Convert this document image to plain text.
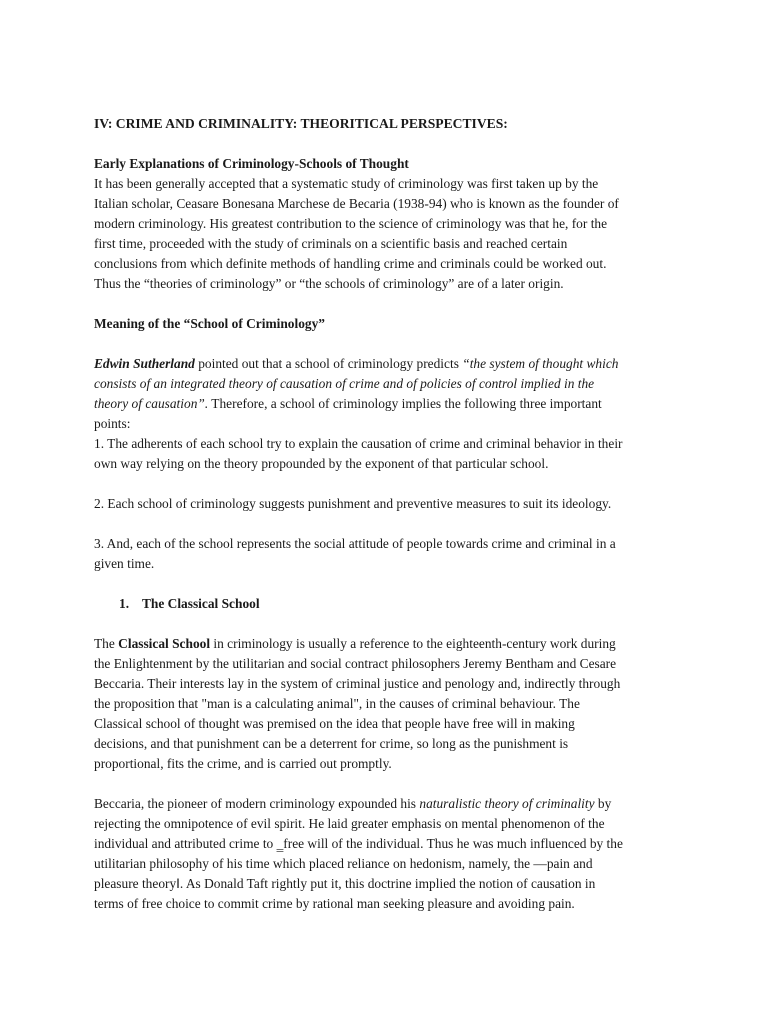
IV: CRIME AND CRIMINALITY: THEORITICAL PERSPECTIVES:
Early Explanations of Criminology-Schools of Thought
It has been generally accepted that a systematic study of criminology was first taken up by the
Italian scholar, Ceasare Bonesana Marchese de Becaria (1938-94) who is known as the founder of
modern criminology. His greatest contribution to the science of criminology was that he, for the
first time, proceeded with the study of criminals on a scientific basis and reached certain
conclusions from which definite methods of handling crime and criminals could be worked out.
Thus the “theories of criminology” or “the schools of criminology” are of a later origin.
Meaning of the “School of Criminology”
Edwin Sutherland pointed out that a school of criminology predicts “the system of thought which
consists of an integrated theory of causation of crime and of policies of control implied in the
theory of causation”. Therefore, a school of criminology implies the following three important
points:
1. The adherents of each school try to explain the causation of crime and criminal behavior in their
own way relying on the theory propounded by the exponent of that particular school.
2. Each school of criminology suggests punishment and preventive measures to suit its ideology.
3. And, each of the school represents the social attitude of people towards crime and criminal in a
given time.
1. The Classical School
The Classical School in criminology is usually a reference to the eighteenth-century work during
the Enlightenment by the utilitarian and social contract philosophers Jeremy Bentham and Cesare
Beccaria. Their interests lay in the system of criminal justice and penology and, indirectly through
the proposition that "man is a calculating animal", in the causes of criminal behaviour. The
Classical school of thought was premised on the idea that people have free will in making
decisions, and that punishment can be a deterrent for crime, so long as the punishment is
proportional, fits the crime, and is carried out promptly.
Beccaria, the pioneer of modern criminology expounded his naturalistic theory of criminality by
rejecting the omnipotence of evil spirit. He laid greater emphasis on mental phenomenon of the
individual and attributed crime to ‗free will of the individual. Thus he was much influenced by the
utilitarian philosophy of his time which placed reliance on hedonism, namely, the ―pain and
pleasure theory‖. As Donald Taft rightly put it, this doctrine implied the notion of causation in
terms of free choice to commit crime by rational man seeking pleasure and avoiding pain.
